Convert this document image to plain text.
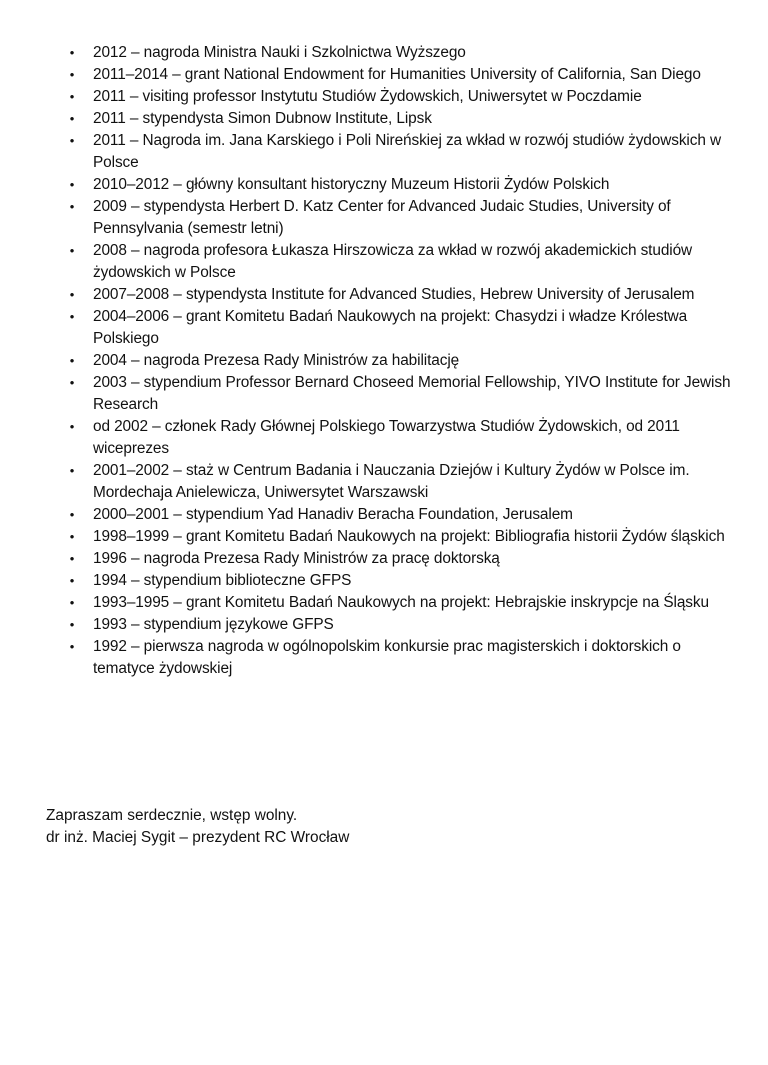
• 2012 – nagroda Ministra Nauki i Szkolnictwa Wyższego
• 2011–2014 – grant National Endowment for Humanities University of California, San Diego
• 2011 – visiting professor Instytutu Studiów Żydowskich, Uniwersytet w Poczdamie
• 2011 – stypendysta Simon Dubnow Institute, Lipsk
• 2011 – Nagroda im. Jana Karskiego i Poli Nireńskiej za wkład w rozwój studiów żydowskich w Polsce
• 2010–2012 – główny konsultant historyczny Muzeum Historii Żydów Polskich
• 2009 – stypendysta Herbert D. Katz Center for Advanced Judaic Studies, University of Pennsylvania (semestr letni)
• 2008 – nagroda profesora Łukasza Hirszowicza za wkład w rozwój akademickich studiów żydowskich w Polsce
• 2007–2008 – stypendysta Institute for Advanced Studies, Hebrew University of Jerusalem
• 2004–2006 – grant Komitetu Badań Naukowych na projekt: Chasydzi i władze Królestwa Polskiego
• 2004 – nagroda Prezesa Rady Ministrów za habilitację
• 2003 – stypendium Professor Bernard Choseed Memorial Fellowship, YIVO Institute for Jewish Research
• od 2002 – członek Rady Głównej Polskiego Towarzystwa Studiów Żydowskich, od 2011 wiceprezes
• 2001–2002 – staż w Centrum Badania i Nauczania Dziejów i Kultury Żydów w Polsce im. Mordechaja Anielewicza, Uniwersytet Warszawski
• 2000–2001 – stypendium Yad Hanadiv Beracha Foundation, Jerusalem
• 1998–1999 – grant Komitetu Badań Naukowych na projekt: Bibliografia historii Żydów śląskich
• 1996 – nagroda Prezesa Rady Ministrów za pracę doktorską
• 1994 – stypendium biblioteczne GFPS
• 1993–1995 – grant Komitetu Badań Naukowych na projekt: Hebrajskie inskrypcje na Śląsku
• 1993 – stypendium językowe GFPS
• 1992 – pierwsza nagroda w ogólnopolskim konkursie prac magisterskich i doktorskich o tematyce żydowskiej
Zapraszam serdecznie, wstęp wolny.
dr inż. Maciej Sygit – prezydent RC Wrocław
